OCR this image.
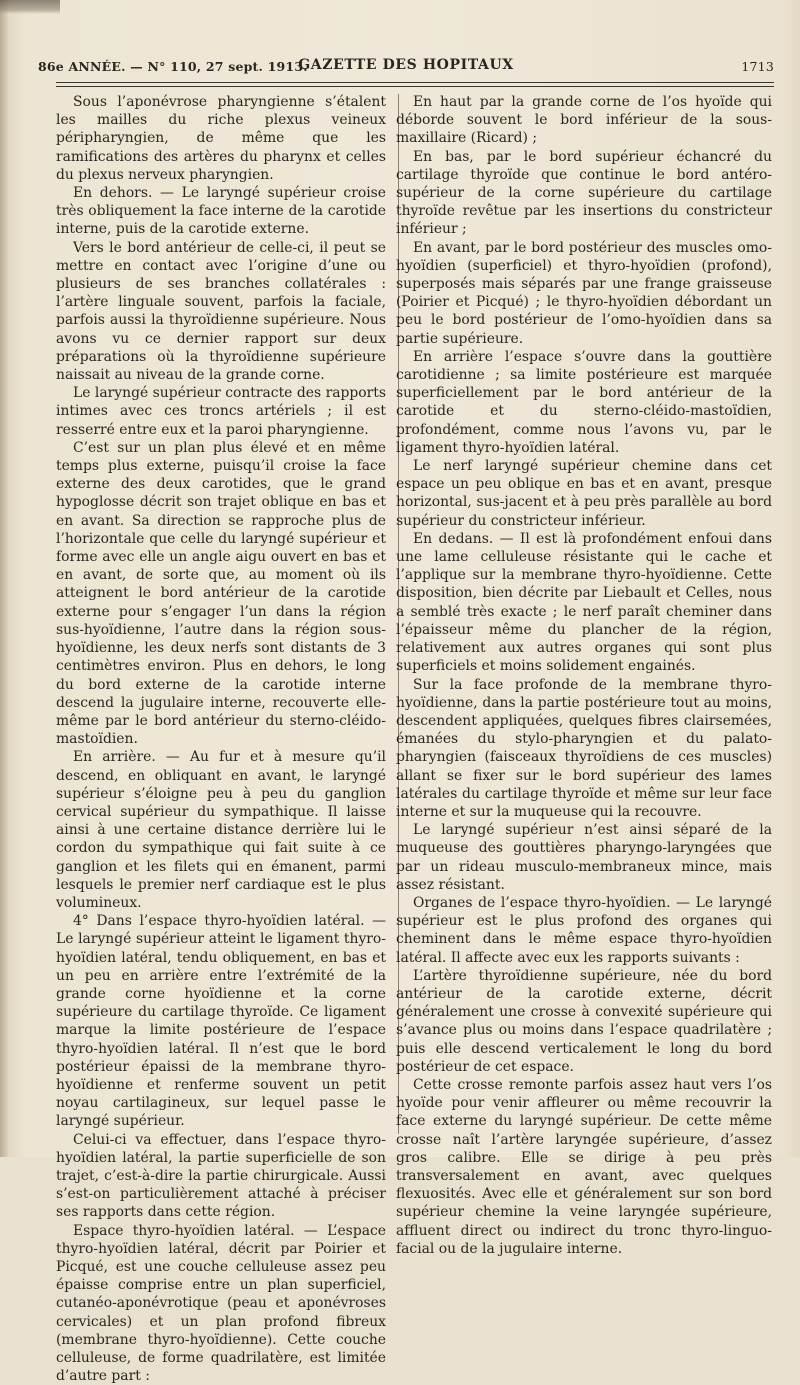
86e ANNÉE. — N° 110, 27 sept. 1913.
GAZETTE DES HOPITAUX	1713

Sous l’aponévrose pharyngienne s’étalent les mailles du riche plexus veineux péripharyngien, de même que les ramifications des artères du pharynx et celles du plexus nerveux pharyngien.

En dehors. — Le laryngé supérieur croise très obliquement la face interne de la carotide interne, puis de la carotide externe.

Vers le bord antérieur de celle-ci, il peut se mettre en contact avec l’origine d’une ou plusieurs de ses branches collatérales : l’artère linguale souvent, parfois la faciale, parfois aussi la thyroïdienne supérieure. Nous avons vu ce dernier rapport sur deux préparations où la thyroïdienne supérieure naissait au niveau de la grande corne.

Le laryngé supérieur contracte des rapports intimes avec ces troncs artériels ; il est resserré entre eux et la paroi pharyngienne.

C’est sur un plan plus élevé et en même temps plus externe, puisqu’il croise la face externe des deux carotides, que le grand hypoglosse décrit son trajet oblique en bas et en avant. Sa direction se rapproche plus de l’horizontale que celle du laryngé supérieur et forme avec elle un angle aigu ouvert en bas et en avant, de sorte que, au moment où ils atteignent le bord antérieur de la carotide externe pour s’engager l’un dans la région sus-hyoïdienne, l’autre dans la région sous-hyoïdienne, les deux nerfs sont distants de 3 centimètres environ. Plus en dehors, le long du bord externe de la carotide interne descend la jugulaire interne, recouverte elle-même par le bord antérieur du sterno-cléido-mastoïdien.

En arrière. — Au fur et à mesure qu’il descend, en obliquant en avant, le laryngé supérieur s’éloigne peu à peu du ganglion cervical supérieur du sympathique. Il laisse ainsi à une certaine distance derrière lui le cordon du sympathique qui fait suite à ce ganglion et les filets qui en émanent, parmi lesquels le premier nerf cardiaque est le plus volumineux.

4° Dans l’espace thyro-hyoïdien latéral. — Le laryngé supérieur atteint le ligament thyro-hyoïdien latéral, tendu obliquement, en bas et un peu en arrière entre l’extrémité de la grande corne hyoïdienne et la corne supérieure du cartilage thyroïde. Ce ligament marque la limite postérieure de l’espace thyro-hyoïdien latéral. Il n’est que le bord postérieur épaissi de la membrane thyro-hyoïdienne et renferme souvent un petit noyau cartilagineux, sur lequel passe le laryngé supérieur.

Celui-ci va effectuer, dans l’espace thyro-hyoïdien latéral, la partie superficielle de son trajet, c’est-à-dire la partie chirurgicale. Aussi s’est-on particulièrement attaché à préciser ses rapports dans cette région.

Espace thyro-hyoïdien latéral. — L’espace thyro-hyoïdien latéral, décrit par Poirier et Picqué, est une couche celluleuse assez peu épaisse comprise entre un plan superficiel, cutanéo-aponévrotique (peau et aponévroses cervicales) et un plan profond fibreux (membrane thyro-hyoïdienne). Cette couche celluleuse, de forme quadrilatère, est limitée d’autre part :

En haut par la grande corne de l’os hyoïde qui déborde souvent le bord inférieur de la sous-maxillaire (Ricard) ;

En bas, par le bord supérieur échancré du cartilage thyroïde que continue le bord antéro-supérieur de la corne supérieure du cartilage thyroïde revêtue par les insertions du constricteur inférieur ;

En avant, par le bord postérieur des muscles omo-hyoïdien (superficiel) et thyro-hyoïdien (profond), superposés mais séparés par une frange graisseuse (Poirier et Picqué) ; le thyro-hyoïdien débordant un peu le bord postérieur de l’omo-hyoïdien dans sa partie supérieure.

En arrière l’espace s’ouvre dans la gouttière carotidienne ; sa limite postérieure est marquée superficiellement par le bord antérieur de la carotide et du sterno-cléido-mastoïdien, profondément, comme nous l’avons vu, par le ligament thyro-hyoïdien latéral.

Le nerf laryngé supérieur chemine dans cet espace un peu oblique en bas et en avant, presque horizontal, sus-jacent et à peu près parallèle au bord supérieur du constricteur inférieur.

En dedans. — Il est là profondément enfoui dans une lame celluleuse résistante qui le cache et l’applique sur la membrane thyro-hyoïdienne. Cette disposition, bien décrite par Liebault et Celles, nous a semblé très exacte ; le nerf paraît cheminer dans l’épaisseur même du plancher de la région, relativement aux autres organes qui sont plus superficiels et moins solidement engainés.

Sur la face profonde de la membrane thyro-hyoïdienne, dans la partie postérieure tout au moins, descendent appliquées, quelques fibres clairsemées, émanées du stylo-pharyngien et du palato-pharyngien (faisceaux thyroïdiens de ces muscles) allant se fixer sur le bord supérieur des lames latérales du cartilage thyroïde et même sur leur face interne et sur la muqueuse qui la recouvre.

Le laryngé supérieur n’est ainsi séparé de la muqueuse des gouttières pharyngo-laryngées que par un rideau musculo-membraneux mince, mais assez résistant.

Organes de l’espace thyro-hyoïdien. — Le laryngé supérieur est le plus profond des organes qui cheminent dans le même espace thyro-hyoïdien latéral. Il affecte avec eux les rapports suivants :

L’artère thyroïdienne supérieure, née du bord antérieur de la carotide externe, décrit généralement une crosse à convexité supérieure qui s’avance plus ou moins dans l’espace quadrilatère ; puis elle descend verticalement le long du bord postérieur de cet espace.

Cette crosse remonte parfois assez haut vers l’os hyoïde pour venir affleurer ou même recouvrir la face externe du laryngé supérieur. De cette même crosse naît l’artère laryngée supérieure, d’assez gros calibre. Elle se dirige à peu près transversalement en avant, avec quelques flexuosités. Avec elle et généralement sur son bord supérieur chemine la veine laryngée supérieure, affluent direct ou indirect du tronc thyro-linguo-facial ou de la jugulaire interne.
